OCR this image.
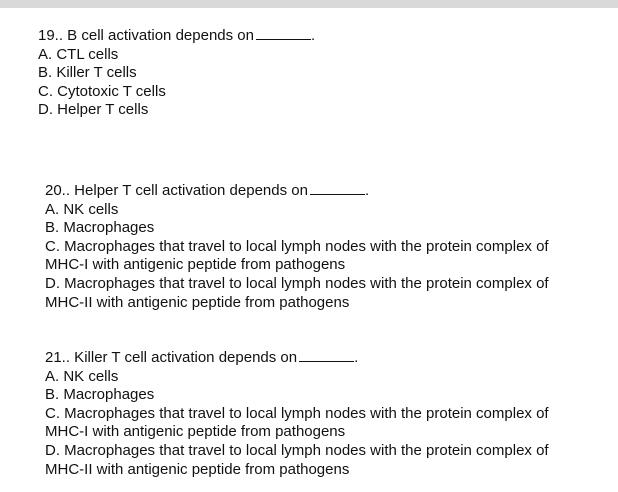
19.. B cell activation depends on	.

A. CTL cells

B. Killer T cells

C. Cytotoxic T cells

D. Helper T cells

20.. Helper T cell activation depends on	.

A. NK cells

B. Macrophages

C. Macrophages that travel to local lymph nodes with the protein complex of

MHC-I with antigenic peptide from pathogens

D. Macrophages that travel to local lymph nodes with the protein complex of

MHC-II with antigenic peptide from pathogens

21.. Killer T cell activation depends on	.

A. NK cells

B. Macrophages

C. Macrophages that travel to local lymph nodes with the protein complex of

MHC-I with antigenic peptide from pathogens

D. Macrophages that travel to local lymph nodes with the protein complex of

MHC-II with antigenic peptide from pathogens
